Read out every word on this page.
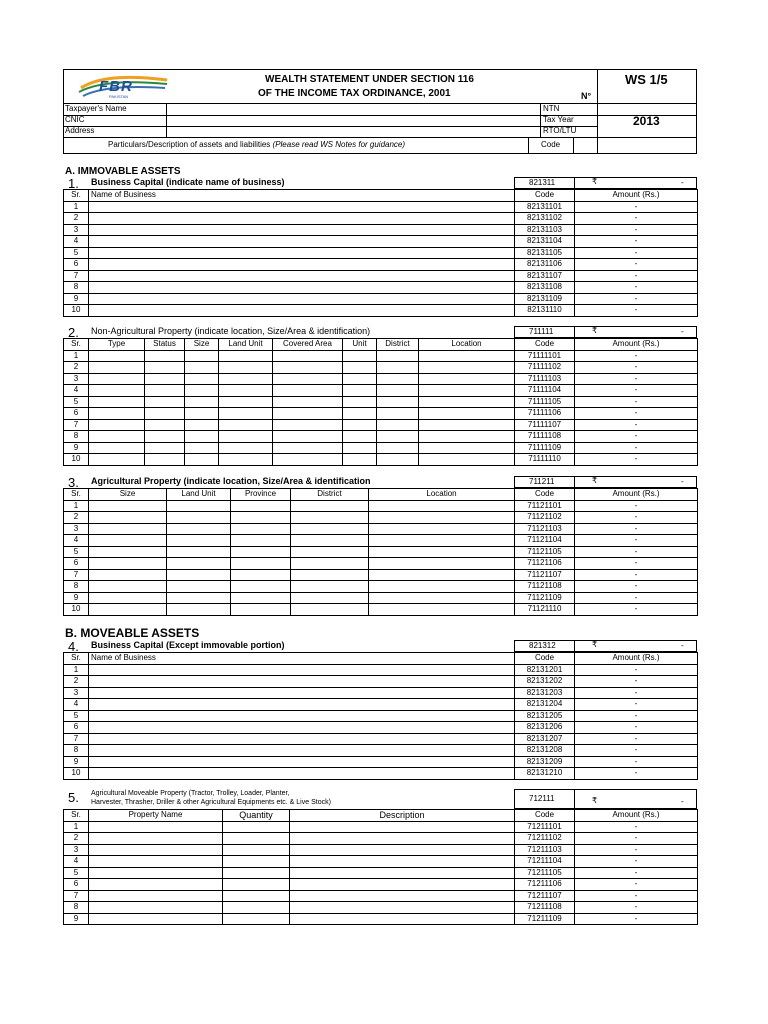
FBR
PAKISTAN
WEALTH STATEMENT UNDER SECTION 116
OF THE INCOME TAX ORDINANCE, 2001	N°
WS 1/5
Taxpayer's Name
CNIC
Address
NTN
Tax Year	2013
RTO/LTU
Particulars/Description of assets and liabilities (Please read WS Notes for guidance)	Code
A. IMMOVABLE ASSETS
1. Business Capital (indicate name of business)	821311	₹	-
Sr.	Name of Business	Code	Amount (Rs.)
1		82131101	-
2		82131102	-
3		82131103	-
4		82131104	-
5		82131105	-
6		82131106	-
7		82131107	-
8		82131108	-
9		82131109	-
10		82131110	-
2. Non-Agricultural Property (indicate location, Size/Area & identification)	711111	₹	-
Sr.	Type	Status	Size	Land Unit	Covered Area	Unit	District	Location	Code	Amount (Rs.)
1									71111101	-
2									71111102	-
3									71111103	-
4									71111104	-
5									71111105	-
6									71111106	-
7									71111107	-
8									71111108	-
9									71111109	-
10									71111110	-
3. Agricultural Property (indicate location, Size/Area & identification	711211	₹	-
Sr.	Size	Land Unit	Province	District	Location	Code	Amount (Rs.)
1						71121101	-
2						71121102	-
3						71121103	-
4						71121104	-
5						71121105	-
6						71121106	-
7						71121107	-
8						71121108	-
9						71121109	-
10						71121110	-
B. MOVEABLE ASSETS
4. Business Capital (Except immovable portion)	821312	₹	-
Sr.	Name of Business	Code	Amount (Rs.)
1		82131201	-
2		82131202	-
3		82131203	-
4		82131204	-
5		82131205	-
6		82131206	-
7		82131207	-
8		82131208	-
9		82131209	-
10		82131210	-
5. Agricultural Moveable Property (Tractor, Trolley, Loader, Planter,
Harvester, Thrasher, Driller & other Agricultural Equipments etc. & Live Stock)	712111	₹	-
Sr.	Property Name	Quantity	Description	Code	Amount (Rs.)
1				71211101	-
2				71211102	-
3				71211103	-
4				71211104	-
5				71211105	-
6				71211106	-
7				71211107	-
8				71211108	-
9				71211109	-
